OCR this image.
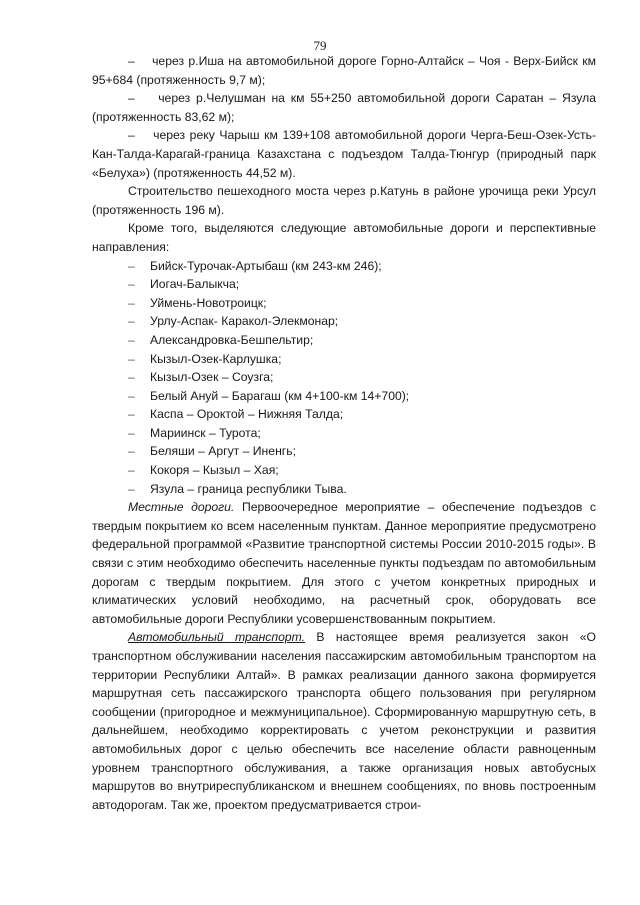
79
– через р.Иша на автомобильной дороге Горно-Алтайск – Чоя - Верх-Бийск км 95+684 (протяженность 9,7 м);
– через р.Челушман на км 55+250 автомобильной дороги Саратан – Язула (протяженность 83,62 м);
– через реку Чарыш км 139+108 автомобильной дороги Черга-Беш-Озек-Усть-Кан-Талда-Карагай-граница Казахстана с подъездом Талда-Тюнгур (природный парк «Белуха») (протяженность 44,52 м).
Строительство пешеходного моста через р.Катунь в районе урочища реки Урсул (протяженность 196 м).
Кроме того, выделяются следующие автомобильные дороги и перспективные направления:
– Бийск-Турочак-Артыбаш (км 243-км 246);
– Иогач-Балыкча;
– Уймень-Новотроицк;
– Урлу-Аспак- Каракол-Элекмонар;
– Александровка-Бешпельтир;
– Кызыл-Озек-Карлушка;
– Кызыл-Озек – Соузга;
– Белый Ануй – Барагаш (км 4+100-км 14+700);
– Каспа – Ороктой – Нижняя Талда;
– Мариинск – Турота;
– Беляши – Аргут – Иненгь;
– Кокоря – Кызыл – Хая;
– Язула – граница республики Тыва.
Местные дороги. Первоочередное мероприятие – обеспечение подъездов с твердым покрытием ко всем населенным пунктам. Данное мероприятие предусмотрено федеральной программой «Развитие транспортной системы России 2010-2015 годы». В связи с этим необходимо обеспечить населенные пункты подъездам по автомобильным дорогам с твердым покрытием. Для этого с учетом конкретных природных и климатических условий необходимо, на расчетный срок, оборудовать все автомобильные дороги Республики усовершенствованным покрытием.
Автомобильный транспорт. В настоящее время реализуется закон «О транспортном обслуживании населения пассажирским автомобильным транспортом на территории Республики Алтай». В рамках реализации данного закона формируется маршрутная сеть пассажирского транспорта общего пользования при регулярном сообщении (пригородное и межмуниципальное). Сформированную маршрутную сеть, в дальнейшем, необходимо корректировать с учетом реконструкции и развития автомобильных дорог с целью обеспечить все население области равноценным уровнем транспортного обслуживания, а также организация новых автобусных маршрутов во внутриреспубликанском и внешнем сообщениях, по вновь построенным автодорогам. Так же, проектом предусматривается строи-
